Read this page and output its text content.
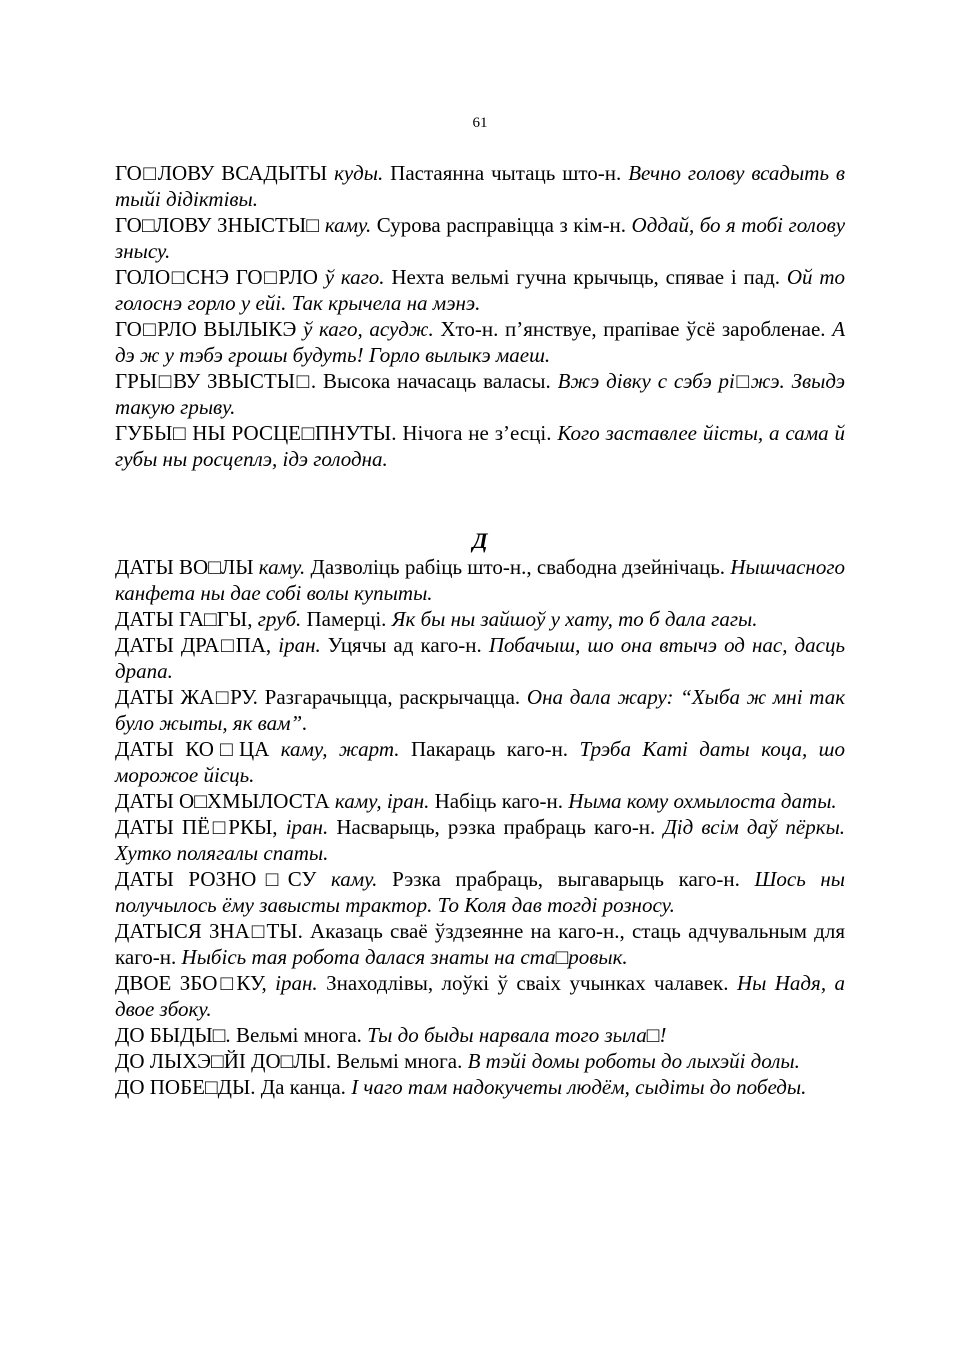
61

ГО□ЛОВУ ВСАДЫТЫ куды. Пастаянна чытаць што-н. Вечно голову всадыть в тыйі дідіктівы.

ГО□ЛОВУ ЗНЫСТЫ□ каму. Сурова расправіцца з кім-н. Оддай, бо я тобі голову знысу.

ГОЛО□СНЭ ГО□РЛО ў каго. Нехта вельмі гучна крычыць, спявае і пад. Ой то голоснэ горло у ейі. Так крычела на мэнэ.

ГО□РЛО ВЫЛЫКЭ ў каго, асудж. Хто-н. п’янствуе, прапівае ўсё заробленае. А дэ ж у тэбэ грошы будуть! Горло вылыкэ маеш.

ГРЫ□ВУ ЗВЫСТЫ□. Высока начасаць валасы. Вжэ дівку с сэбэ рі□жэ. Звыдэ такую грыву.

ГУБЫ□ НЫ РОСЦЕ□ПНУТЫ. Нічога не з’есці. Кого заставлее йісты, а сама й губы ны росцеплэ, ідэ голодна.

Д

ДАТЫ ВО□ЛЫ каму. Дазволіць рабіць што-н., свабодна дзейнічаць. Нышчасного канфета ны дае собі волы купыты.

ДАТЫ ГА□ГЫ, груб. Памерці. Як бы ны зайшоў у хату, то б дала гагы.

ДАТЫ ДРА□ПА, іран. Уцячы ад каго-н. Побачыш, шо она втычэ од нас, дасць драпа.

ДАТЫ ЖА□РУ. Разгарачыцца, раскрычацца. Она дала жару: “Хыба ж мні так було жыты, як вам”.

ДАТЫ КО□ЦА каму, жарт. Пакараць каго-н. Трэба Каті даты коца, шо морожое йісць.

ДАТЫ О□ХМЫЛОСТА каму, іран. Набіць каго-н. Ныма кому охмылоста даты.

ДАТЫ ПЁ□РКЫ, іран. Насварыць, рэзка прабраць каго-н. Дід всім даў пёркы. Хутко полягалы спаты.

ДАТЫ РОЗНО□СУ каму. Рэзка прабраць, выгаварыць каго-н. Шось ны получылось ёму завысты трактор. То Коля дав тогді розносу.

ДАТЫСЯ ЗНА□ТЫ. Аказаць сваё ўздзеянне на каго-н., стаць адчувальным для каго-н. Ныбісь тая робота далася знаты на ста□ровык.

ДВОЕ ЗБО□КУ, іран. Знаходлівы, лоўкі ў сваіх учынках чалавек. Ны Надя, а двое збоку.

ДО БЫДЫ□. Вельмі многа. Ты до быды нарвала того зыла□!

ДО ЛЫХЭ□ЙІ ДО□ЛЫ. Вельмі многа. В тэйі домы роботы до лыхэйі долы.

ДО ПОБЕ□ДЫ. Да канца. І чаго там надокучеты людём, сыдіты до победы.
